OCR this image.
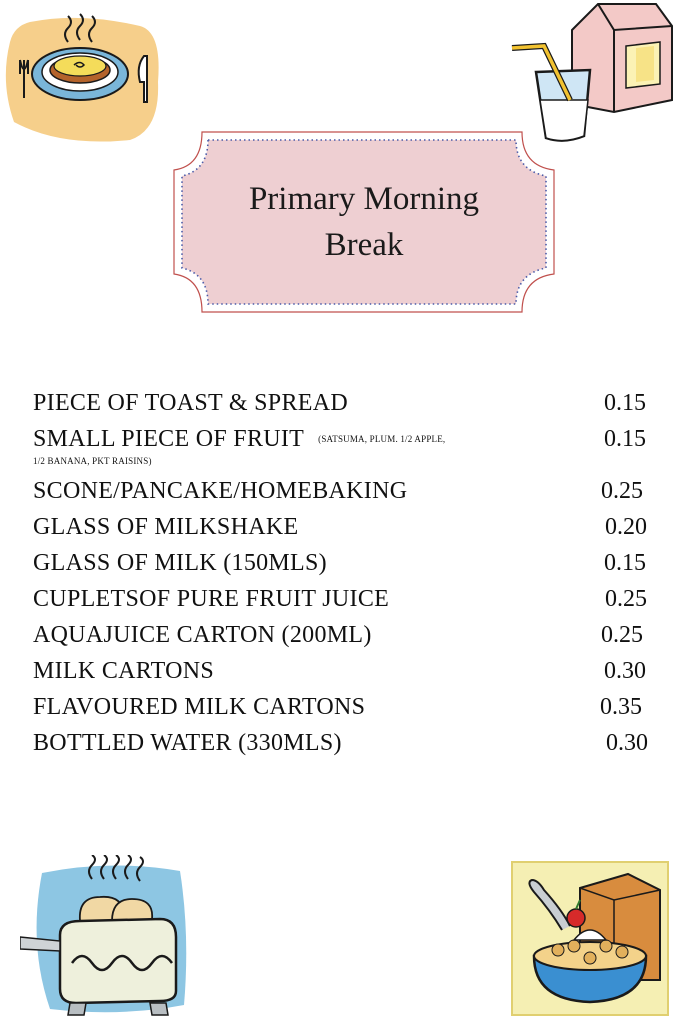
Primary Morning
Break
PIECE OF TOAST & SPREAD	0.15
SMALL PIECE OF FRUIT (SATSUMA, PLUM. 1/2 APPLE,
1/2 BANANA, PKT RAISINS)
0.15
SCONE/PANCAKE/HOMEBAKING	0.25
GLASS OF MILKSHAKE	0.20
GLASS OF MILK (150MLS)	0.15
CUPLETSOF PURE FRUIT JUICE	0.25
AQUAJUICE CARTON (200ML)	0.25
MILK CARTONS	0.30
FLAVOURED MILK CARTONS	0.35
BOTTLED WATER (330MLS)	0.30
